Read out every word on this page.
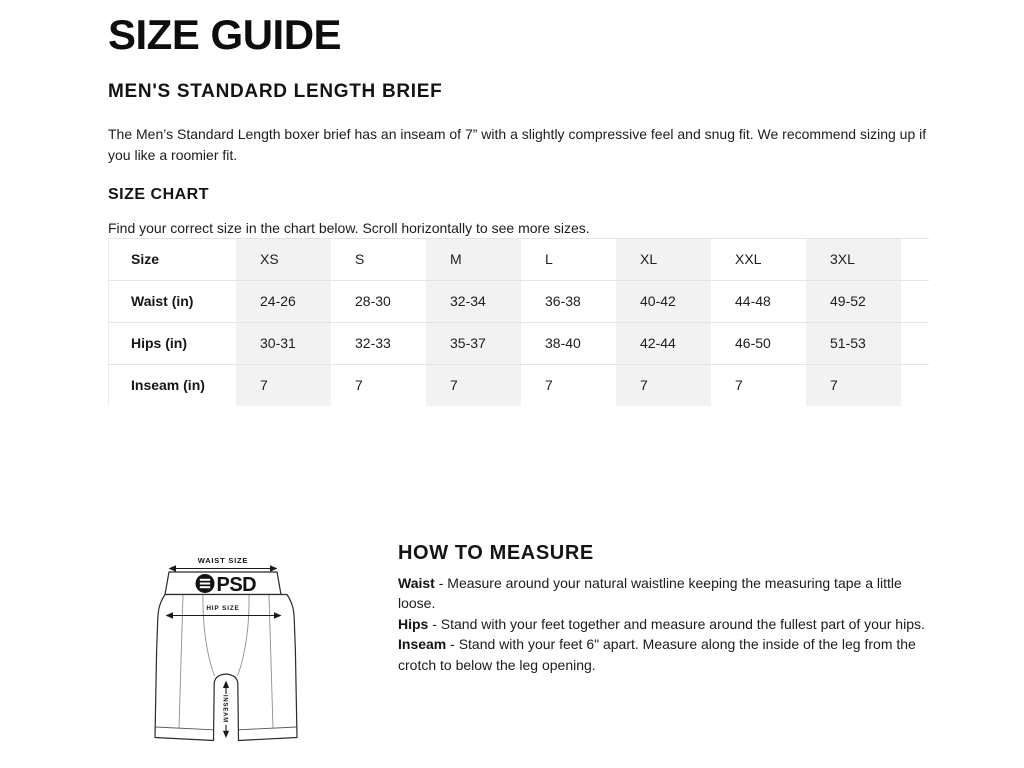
SIZE GUIDE
MEN'S STANDARD LENGTH BRIEF

The Men’s Standard Length boxer brief has an inseam of 7” with a slightly compressive feel and snug fit. We recommend sizing up if you like a roomier fit.

SIZE CHART

Find your correct size in the chart below. Scroll horizontally to see more sizes.

Size	XS	S	M	L	XL	XXL	3XL	
Waist (in)	24-26	28-30	32-34	36-38	40-42	44-48	49-52	
Hips (in)	30-31	32-33	35-37	38-40	42-44	46-50	51-53	
Inseam (in)	7	7	7	7	7	7	7	
WAIST SIZE
PSD
HIP SIZE
INSEAM
HOW TO MEASURE

Waist - Measure around your natural waistline keeping the measuring tape a little loose.

Hips - Stand with your feet together and measure around the fullest part of your hips.

Inseam - Stand with your feet 6" apart. Measure along the inside of the leg from the crotch to below the leg opening.
